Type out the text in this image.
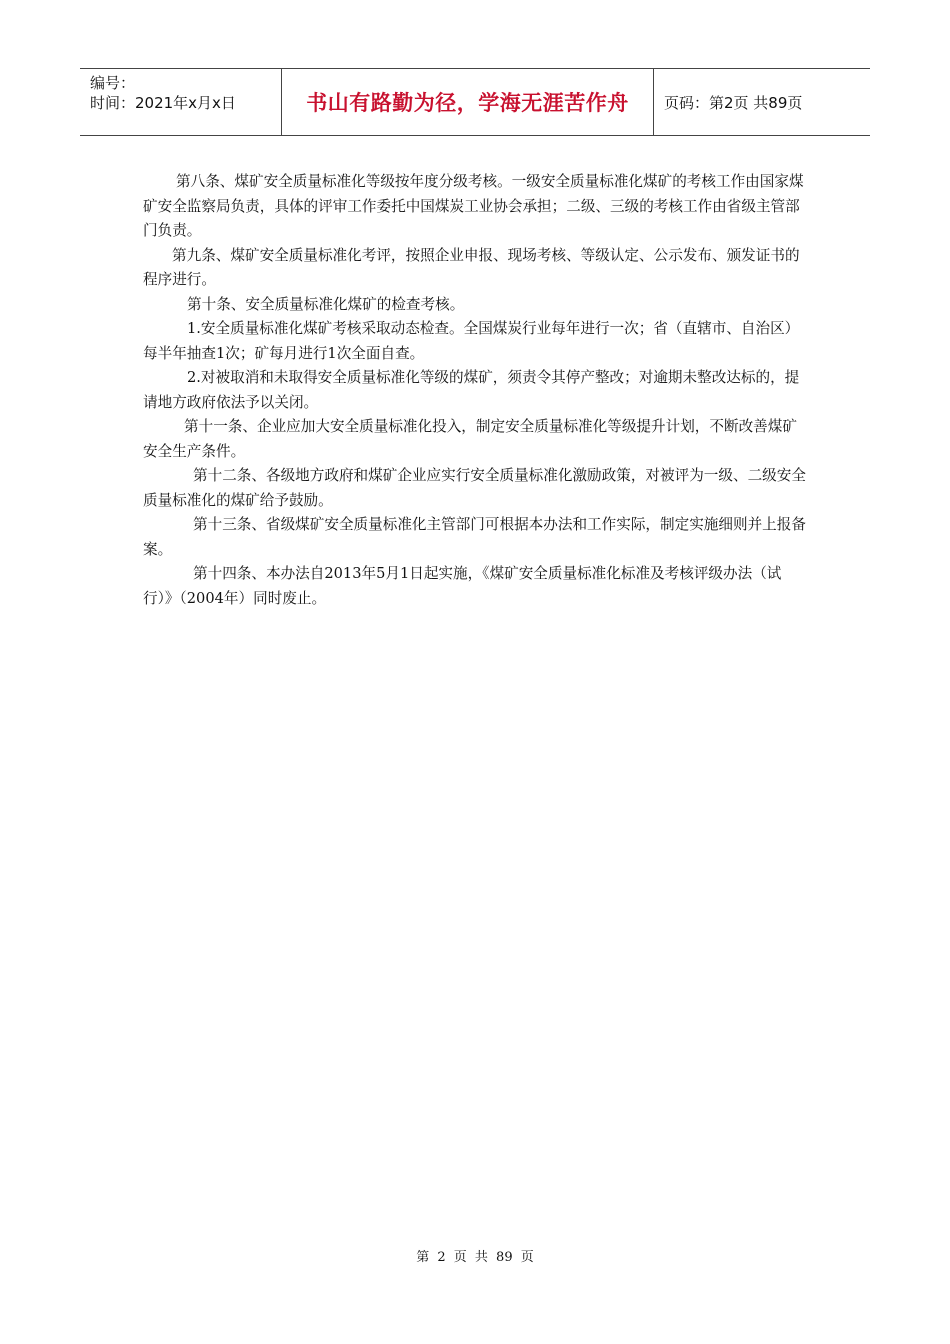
编号：
时间：2021年x月x日	书山有路勤为径，学海无涯苦作舟	页码：第2页 共89页

第八条、煤矿安全质量标准化等级按年度分级考核。一级安全质量标准化煤矿的考核工作由国家煤矿安全监察局负责，具体的评审工作委托中国煤炭工业协会承担；二级、三级的考核工作由省级主管部门负责。

第九条、煤矿安全质量标准化考评，按照企业申报、现场考核、等级认定、公示发布、颁发证书的程序进行。

第十条、安全质量标准化煤矿的检查考核。

1.安全质量标准化煤矿考核采取动态检查。全国煤炭行业每年进行一次；省（直辖市、自治区）每半年抽查1次；矿每月进行1次全面自查。

2.对被取消和未取得安全质量标准化等级的煤矿，须责令其停产整改；对逾期未整改达标的，提请地方政府依法予以关闭。

第十一条、企业应加大安全质量标准化投入，制定安全质量标准化等级提升计划，不断改善煤矿安全生产条件。

第十二条、各级地方政府和煤矿企业应实行安全质量标准化激励政策，对被评为一级、二级安全质量标准化的煤矿给予鼓励。

第十三条、省级煤矿安全质量标准化主管部门可根据本办法和工作实际，制定实施细则并上报备案。

第十四条、本办法自2013年5月1日起实施，《煤矿安全质量标准化标准及考核评级办法（试行）》（2004年）同时废止。

第 2 页 共 89 页
